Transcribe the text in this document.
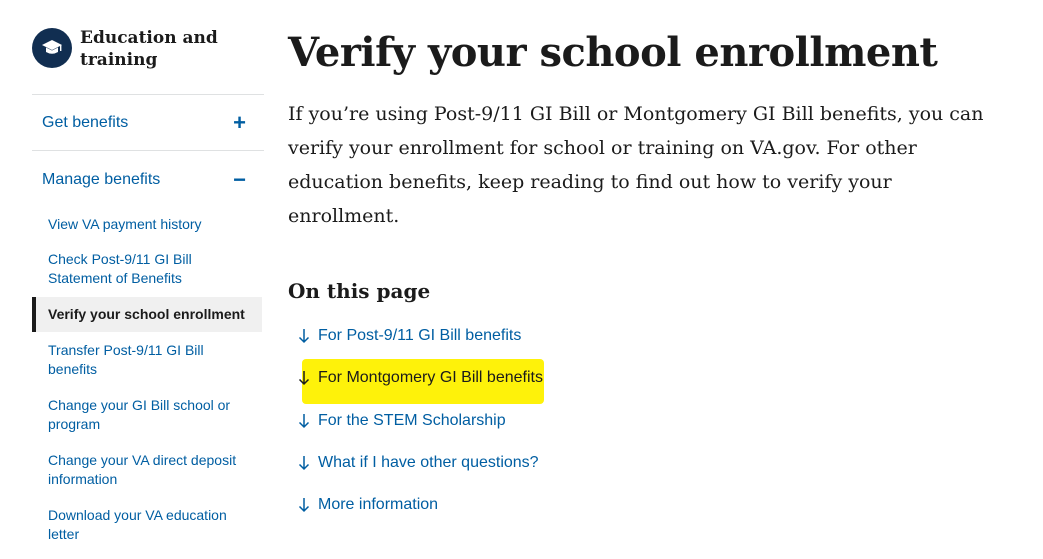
Education and
training
Get benefits	+
Manage benefits	−
View VA payment history
Check Post-9/11 GI Bill
Statement of Benefits
Verify your school enrollment
Transfer Post-9/11 GI Bill
benefits
Change your GI Bill school or
program
Change your VA direct deposit
information
Download your VA education
letter
Verify your school enrollment
If you’re using Post-9/11 GI Bill or Montgomery GI Bill benefits, you can
verify your enrollment for school or training on VA.gov. For other
education benefits, keep reading to find out how to verify your
enrollment.
On this page
For Post-9/11 GI Bill benefits
For Montgomery GI Bill benefits
For the STEM Scholarship
What if I have other questions?
More information
